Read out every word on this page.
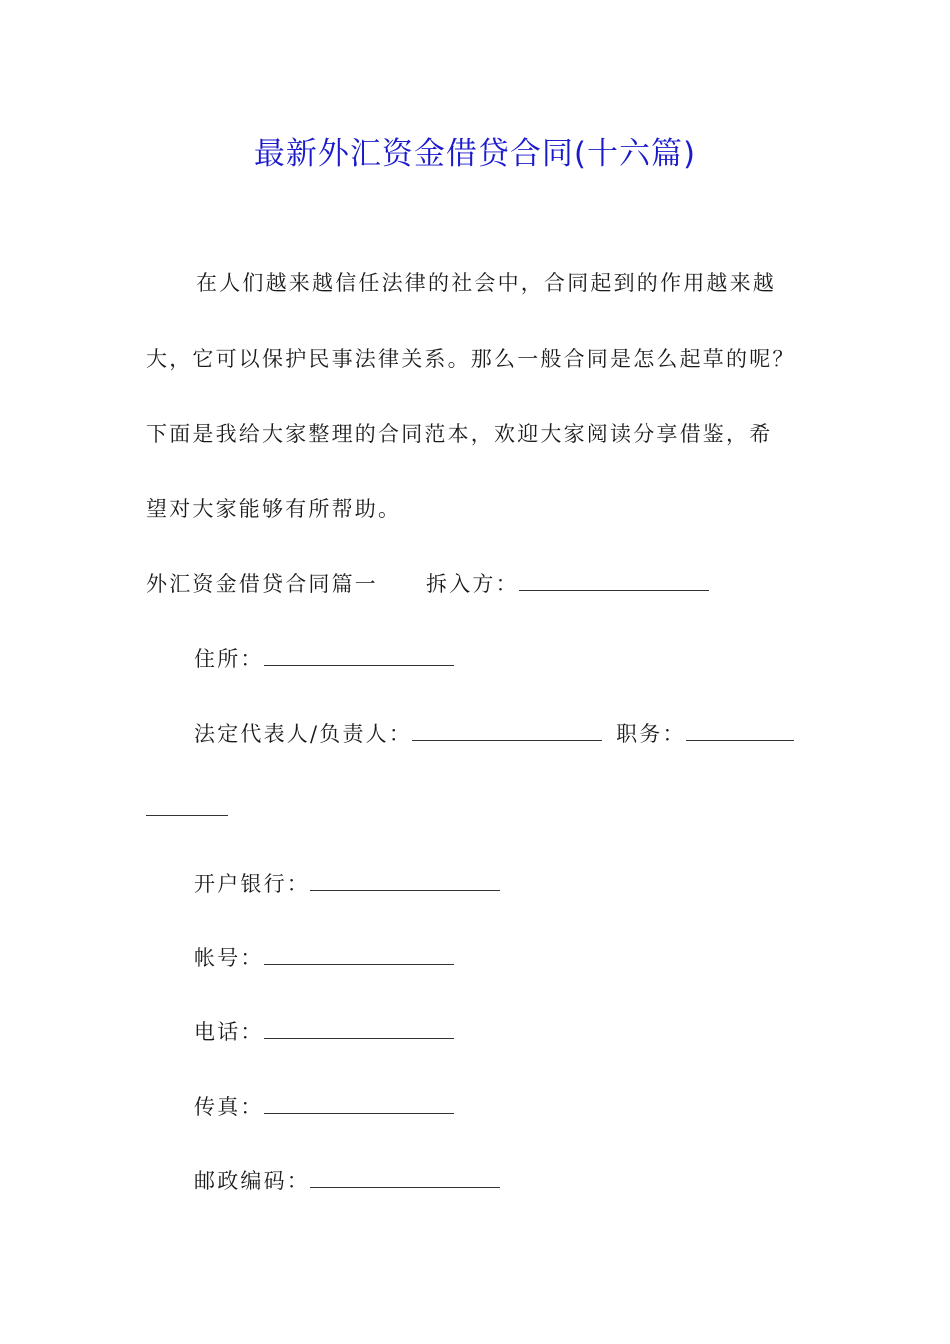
最新外汇资金借贷合同(十六篇)
在人们越来越信任法律的社会中，合同起到的作用越来越
大，它可以保护民事法律关系。那么一般合同是怎么起草的呢？
下面是我给大家整理的合同范本，欢迎大家阅读分享借鉴，希
望对大家能够有所帮助。
外汇资金借贷合同篇一 拆入方：
住所：
法定代表人/负责人：	职务：
开户银行：
帐号：
电话：
传真：
邮政编码：
